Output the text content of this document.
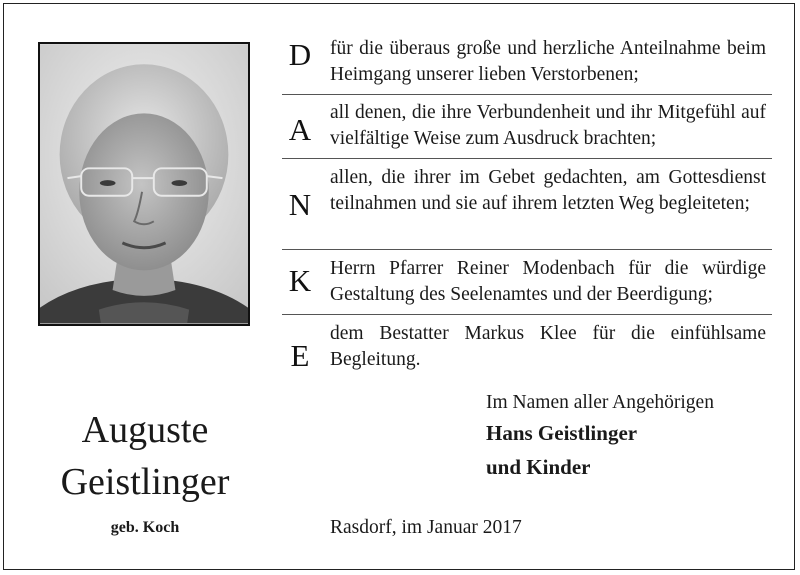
Auguste
Geistlinger
geb. Koch
D für die überaus große und herzliche Anteilnahme beim Heimgang unserer lieben Verstorbenen;
A all denen, die ihre Verbundenheit und ihr Mitgefühl auf vielfältige Weise zum Ausdruck brachten;
N
allen, die ihrer im Gebet gedachten, am Gottesdienst teilnahmen und sie auf ihrem letzten Weg begleiteten;
K Herrn Pfarrer Reiner Modenbach für die würdige Gestaltung des Seelenamtes und der Beerdigung;
E
dem Bestatter Markus Klee für die einfühlsame Begleitung.
Im Namen aller Angehörigen
Hans Geistlinger
und Kinder
Rasdorf, im Januar 2017
